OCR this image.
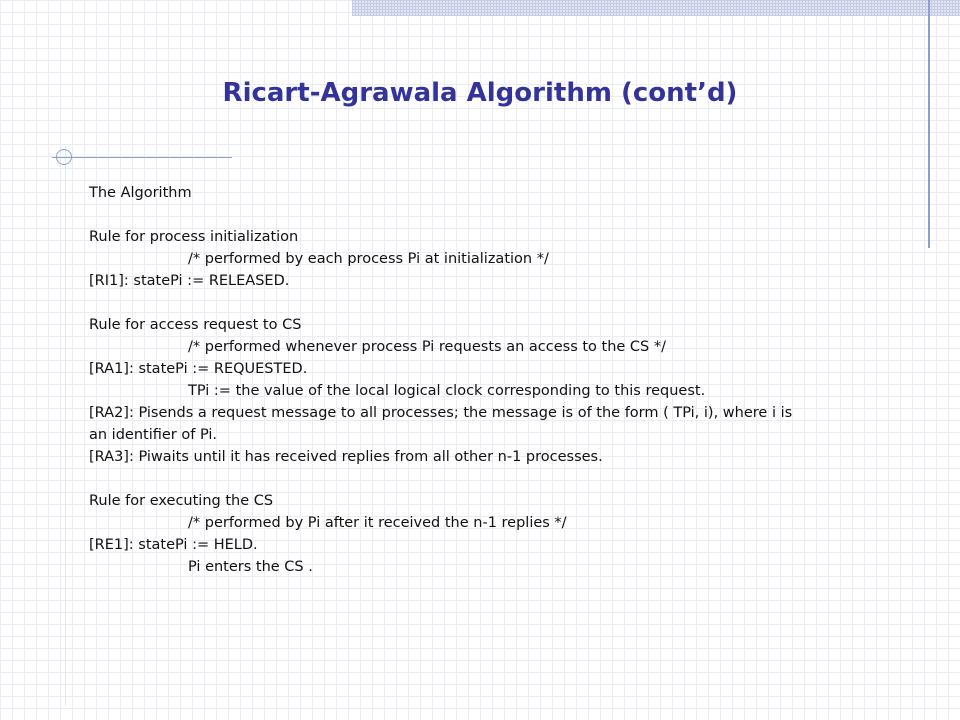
Ricart-Agrawala Algorithm (cont’d)
The Algorithm
Rule for process initialization
/* performed by each process Pi at initialization */
[RI1]: statePi := RELEASED.
Rule for access request to CS
/* performed whenever process Pi requests an access to the CS */
[RA1]: statePi := REQUESTED.
TPi := the value of the local logical clock corresponding to this request.
[RA2]: Pisends a request message to all processes; the message is of the form ( TPi, i), where i is
an identifier of Pi.
[RA3]: Piwaits until it has received replies from all other n-1 processes.
Rule for executing the CS
/* performed by Pi after it received the n-1 replies */
[RE1]: statePi := HELD.
Pi enters the CS .
